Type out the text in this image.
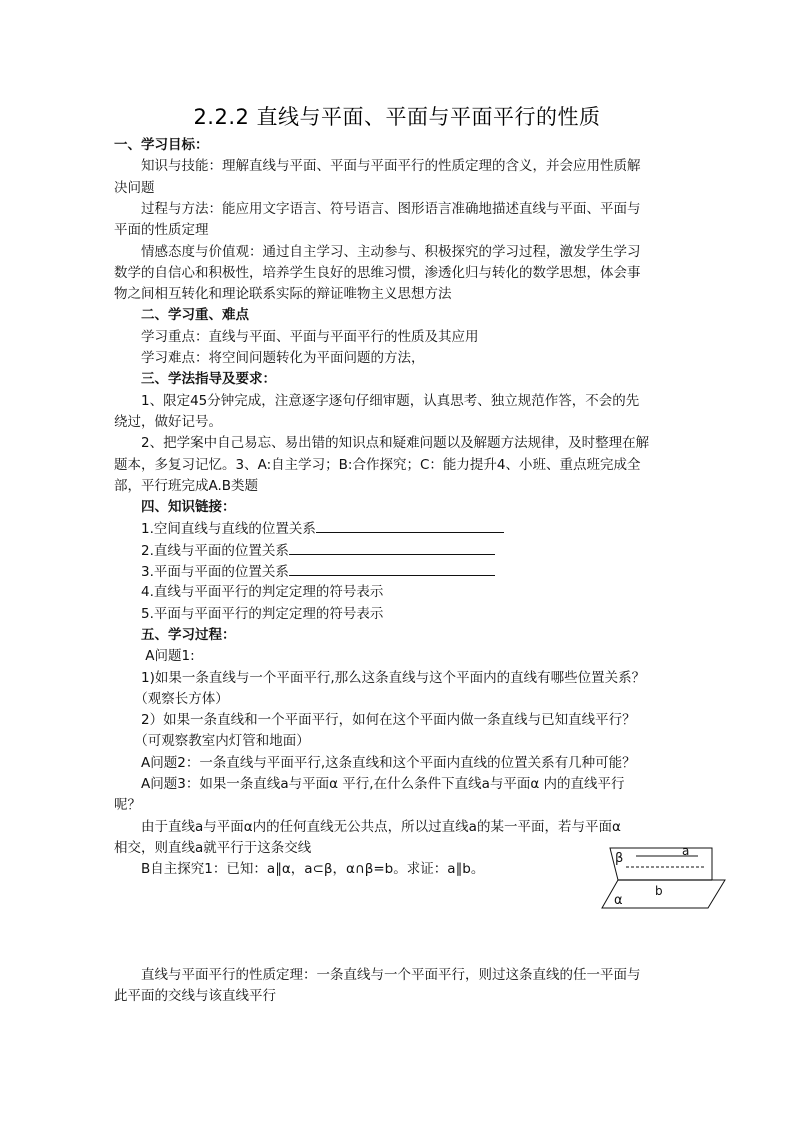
2.2.2 直线与平面、平面与平面平行的性质
一、学习目标：
　　知识与技能：理解直线与平面、平面与平面平行的性质定理的含义，并会应用性质解
决问题
　　过程与方法：能应用文字语言、符号语言、图形语言准确地描述直线与平面、平面与
平面的性质定理
　　情感态度与价值观：通过自主学习、主动参与、积极探究的学习过程，激发学生学习
数学的自信心和积极性，培养学生良好的思维习惯，渗透化归与转化的数学思想，体会事
物之间相互转化和理论联系实际的辩证唯物主义思想方法
　　二、学习重、难点
　　学习重点：直线与平面、平面与平面平行的性质及其应用
　　学习难点：将空间问题转化为平面问题的方法，
　　三、学法指导及要求：
　　1、限定45分钟完成，注意逐字逐句仔细审题，认真思考、独立规范作答，不会的先
绕过，做好记号。
　　2、把学案中自己易忘、易出错的知识点和疑难问题以及解题方法规律，及时整理在解
题本，多复习记忆。3、A:自主学习；B:合作探究；C：能力提升4、小班、重点班完成全
部，平行班完成A.B类题
　　四、知识链接：
　　1.空间直线与直线的位置关系
　　2.直线与平面的位置关系
　　3.平面与平面的位置关系
　　4.直线与平面平行的判定定理的符号表示
　　5.平面与平面平行的判定定理的符号表示
　　五、学习过程：
　　 A问题1:
　　1)如果一条直线与一个平面平行,那么这条直线与这个平面内的直线有哪些位置关系？
　　（观察长方体）
　　2）如果一条直线和一个平面平行，如何在这个平面内做一条直线与已知直线平行？
　　（可观察教室内灯管和地面）
　　A问题2：一条直线与平面平行,这条直线和这个平面内直线的位置关系有几种可能？
　　A问题3：如果一条直线a与平面α 平行,在什么条件下直线a与平面α 内的直线平行
呢？
　　由于直线a与平面α内的任何直线无公共点，所以过直线a的某一平面，若与平面α
相交，则直线a就平行于这条交线
　　B自主探究1：已知：a∥α，a⊂β，α∩β=b。求证：a∥b。
　　直线与平面平行的性质定理：一条直线与一个平面平行，则过这条直线的任一平面与
此平面的交线与该直线平行
β	a
b
α
